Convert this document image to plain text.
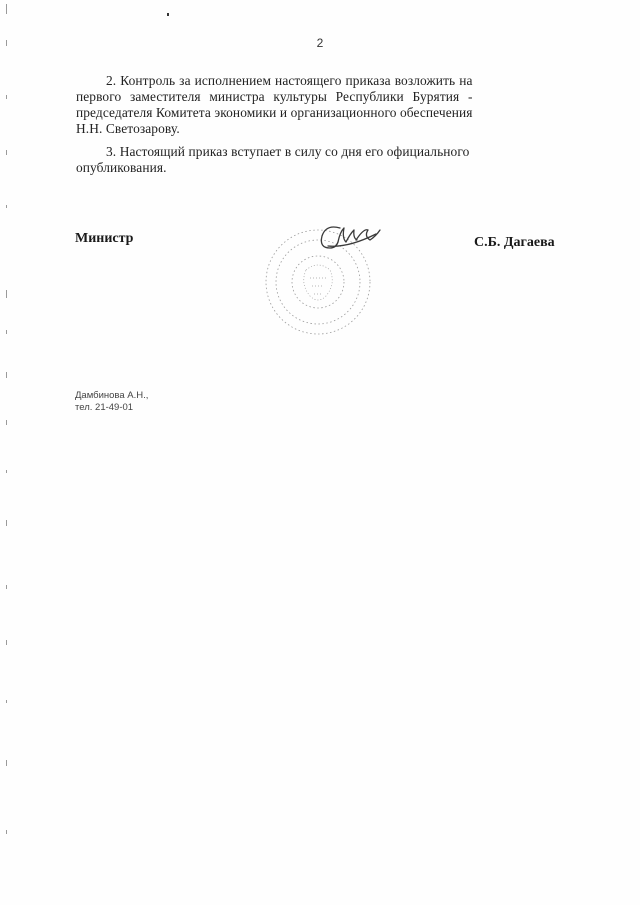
2

2. Контроль за исполнением настоящего приказа возложить на
первого заместителя министра культуры Республики Бурятия -
председателя Комитета экономики и организационного обеспечения
Н.Н. Светозарову.

3. Настоящий приказ вступает в силу со дня его официального
опубликования.

Министр	С.Б. Дагаева
Дамбинова А.Н.,
тел. 21-49-01
